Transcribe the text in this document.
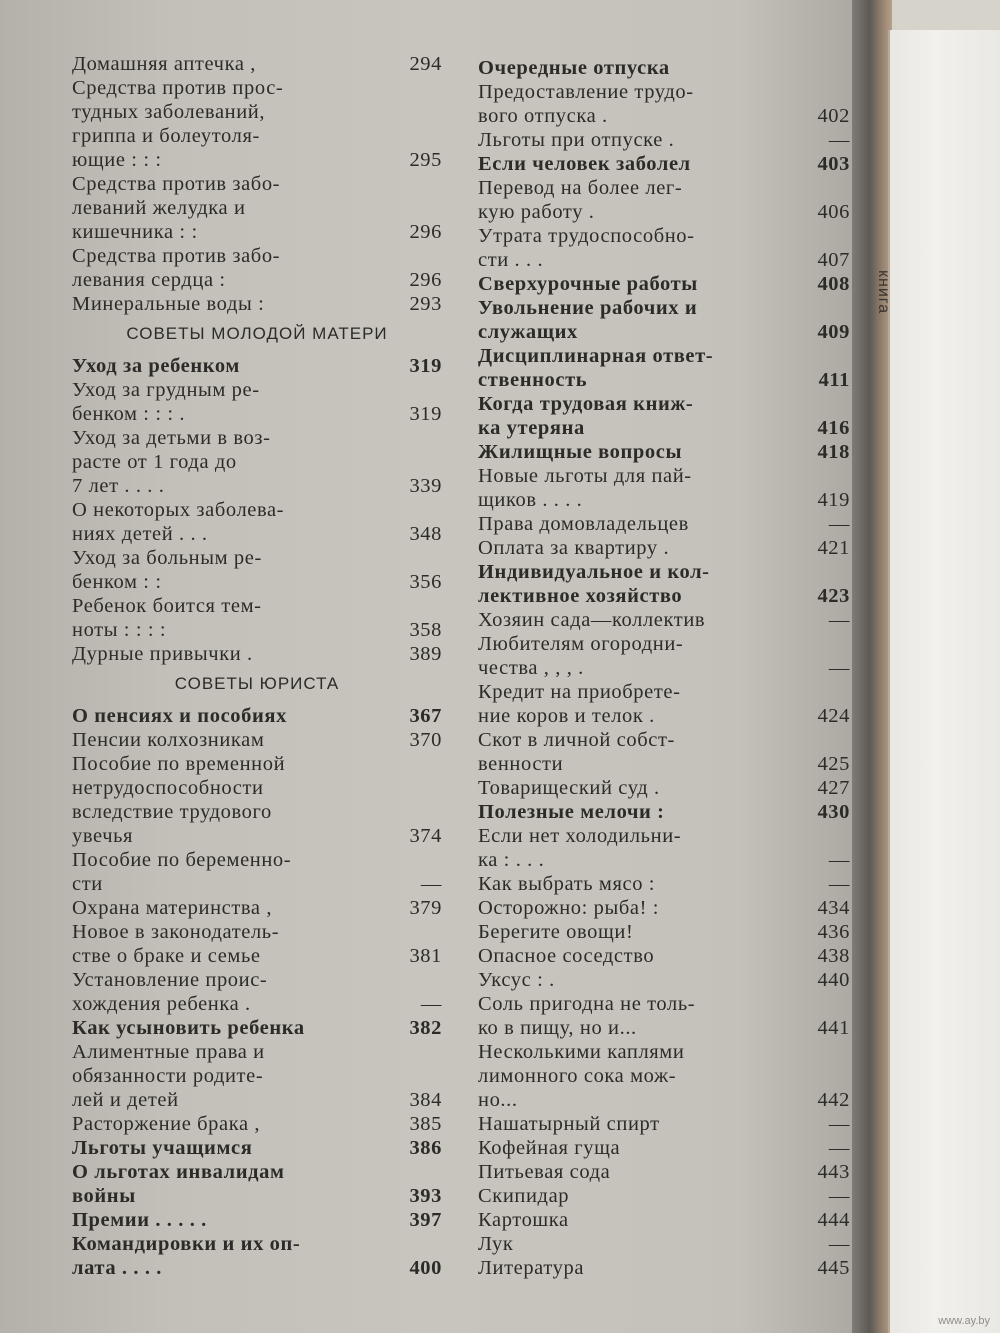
книга
Домашняя аптечка ,	294
Средства против прос-
тудных заболеваний,
гриппа и болеутоля-
ющие : : :	295
Средства против забо-
леваний желудка и
кишечника : :	296
Средства против забо-
левания сердца :	296
Минеральные воды :	293
СОВЕТЫ МОЛОДОЙ МАТЕРИ
Уход за ребенком	319
Уход за грудным ре-
бенком : : : .	319
Уход за детьми в воз-
расте от 1 года до
7 лет . . . .	339
О некоторых заболева-
ниях детей . . .	348
Уход за больным ре-
бенком : :	356
Ребенок боится тем-
ноты : : : :	358
Дурные привычки .	389
СОВЕТЫ ЮРИСТА
О пенсиях и пособиях	367
Пенсии колхозникам	370
Пособие по временной
нетрудоспособности
вследствие трудового
увечья	374
Пособие по беременно-
сти	—
Охрана материнства ,	379
Новое в законодатель-
стве о браке и семье	381
Установление проис-
хождения ребенка .	—
Как усыновить ребенка	382
Алиментные права и
обязанности родите-
лей и детей	384
Расторжение брака ,	385
Льготы учащимся	386
О льготах инвалидам
войны	393
Премии . . . . .	397
Командировки и их оп-
лата . . . .	400
Очередные отпуска
Предоставление трудо-
вого отпуска .	402
Льготы при отпуске .	—
Если человек заболел	403
Перевод на более лег-
кую работу .	406
Утрата трудоспособно-
сти . . .	407
Сверхурочные работы	408
Увольнение рабочих и
служащих	409
Дисциплинарная ответ-
ственность	411
Когда трудовая книж-
ка утеряна	416
Жилищные вопросы	418
Новые льготы для пай-
щиков . . . .	419
Права домовладельцев	—
Оплата за квартиру .	421
Индивидуальное и кол-
лективное хозяйство	423
Хозяин сада—коллектив	—
Любителям огородни-
чества , , , .	—
Кредит на приобрете-
ние коров и телок .	424
Скот в личной собст-
венности	425
Товарищеский суд .	427
Полезные мелочи :	430
Если нет холодильни-
ка : . . .	—
Как выбрать мясо :	—
Осторожно: рыба! :	434
Берегите овощи!	436
Опасное соседство	438
Уксус : .	440
Соль пригодна не толь-
ко в пищу, но и...	441
Несколькими каплями
лимонного сока мож-
но...	442
Нашатырный спирт	—
Кофейная гуща	—
Питьевая сода	443
Скипидар	—
Картошка	444
Лук	—
Литература	445
www.ay.by
